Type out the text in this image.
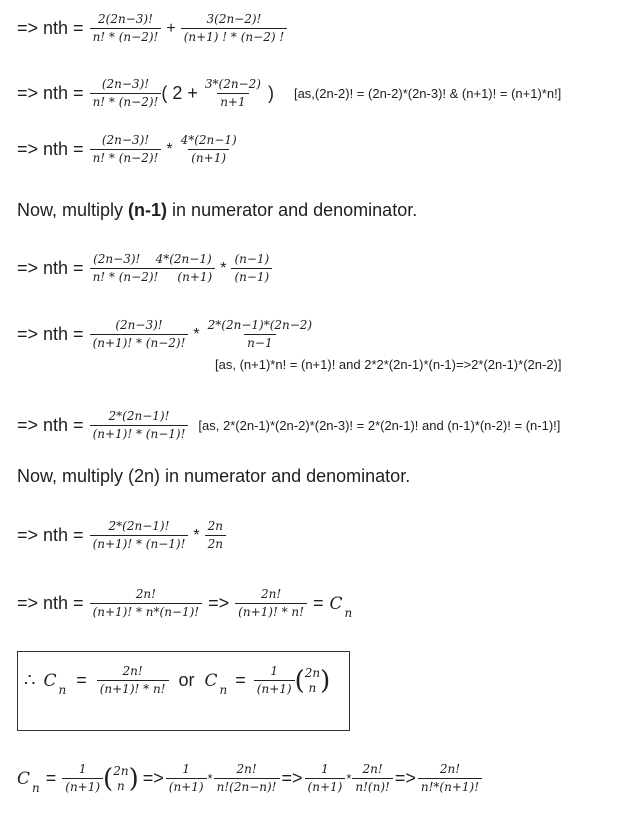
=> nth = $\frac{2(2n-3)!}{n! * (n-2)!} + \frac{3(2n-2)!}{(n+1) ! * (n-2) !}$
=> nth = $\frac{(2n-3)!}{n! * (n-2)!}$ ( $2 + \frac{3*(2n-2)}{n+1}$ ) [as,(2n-2)! = (2n-2)*(2n-3)! & (n+1)! = (n+1)*n!]
=> nth = $\frac{(2n-3)!}{n! * (n-2)!} * \frac{4*(2n-1)}{(n+1)}$
Now, multiply (n-1) in numerator and denominator.
=> nth = $\frac{(2n-3)! 4*(2n-1)}{n! * (n-2)! (n+1)} * \frac{(n-1)}{(n-1)}$
=> nth = $\frac{(2n-3)!}{(n+1)! * (n-2)!} * \frac{2*(2n-1)*(2n-2)}{n-1}$
[as, (n+1)*n! = (n+1)! and 2*2*(2n-1)*(n-1)=>2*(2n-1)*(2n-2)]
=> nth = $\frac{2*(2n-1)!}{(n+1)! * (n-1)!} [as$, 2*(2n-1)*(2n-2)*(2n-3)! = 2*(2n-1)! and (n-1)*(n-2)! = (n-1)!]
Now, multiply (2n) in numerator and denominator.
=> nth = $\frac{2*(2n-1)!}{(n+1)! * (n-1)!} * \frac{2n}{2n}$
=> nth = $\frac{2n!}{(n+1)! * n*(n-1)!} => \frac{2n!}{(n+1)! * n!} = C$ n
∴ C $n = \frac{2n!}{(n+1)! * n!}$ or C $n = \frac{1}{(n+1)}$ ( 2n
n )
C $n = \frac{1}{(n+1)}$ ( 2n
n ) => $\frac{1}{(n+1)} * \frac{2n!}{n!(2n-n)!} => \frac{1}{(n+1)} * \frac{2n!}{n!(n)!} => \frac{2n!}{n!*(n+1)!}$
